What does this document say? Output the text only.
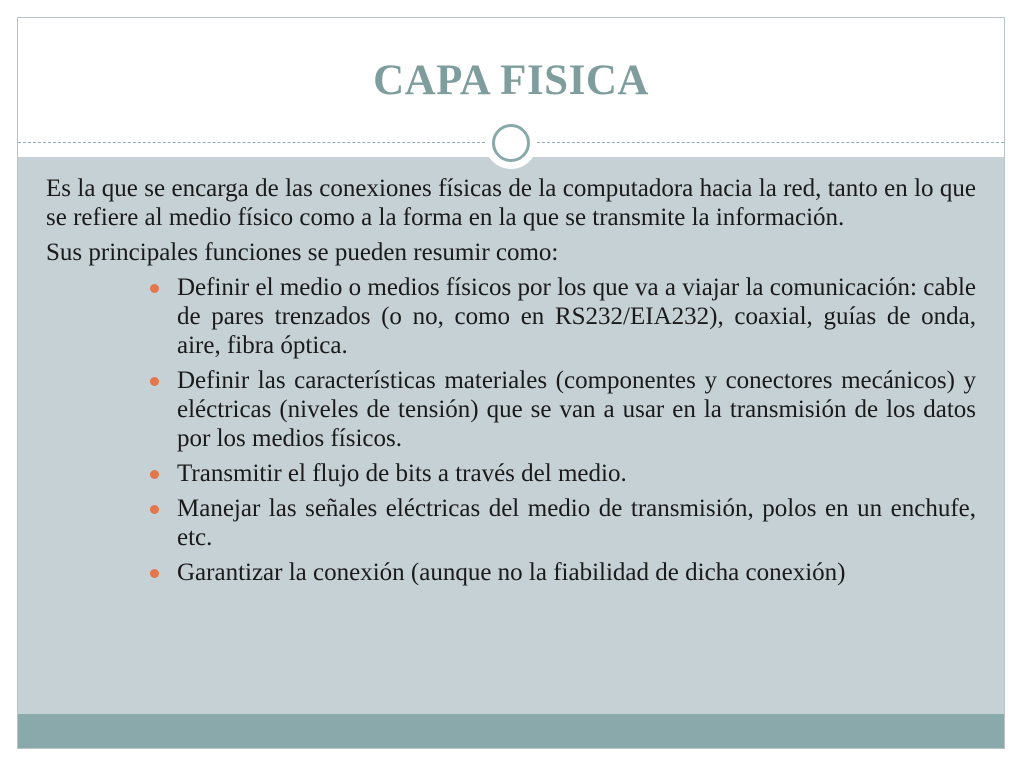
CAPA FISICA

Es la que se encarga de las conexiones físicas de la computadora hacia la red, tanto en lo que se refiere al medio físico como a la forma en la que se transmite la información.

Sus principales funciones se pueden resumir como:

Definir el medio o medios físicos por los que va a viajar la comunicación: cable de pares trenzados (o no, como en RS232/EIA232), coaxial, guías de onda, aire, fibra óptica.
Definir las características materiales (componentes y conectores mecánicos) y eléctricas (niveles de tensión) que se van a usar en la transmisión de los datos por los medios físicos.
Transmitir el flujo de bits a través del medio.
Manejar las señales eléctricas del medio de transmisión, polos en un enchufe, etc.
Garantizar la conexión (aunque no la fiabilidad de dicha conexión)
